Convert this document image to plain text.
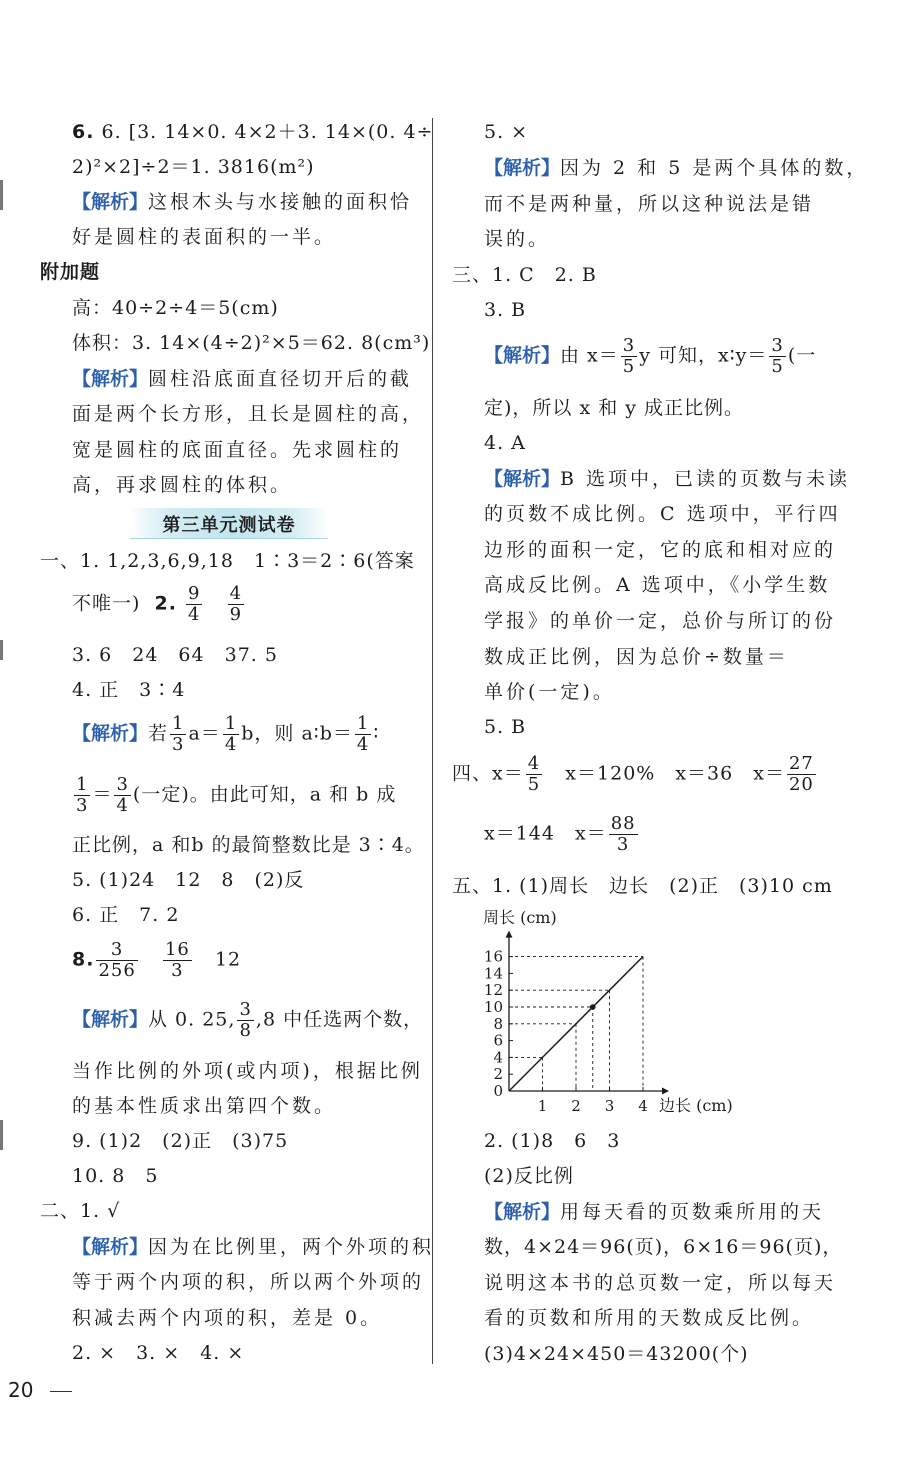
6. 6. [3. 14×0. 4×2＋3. 14×(0. 4÷
2)²×2]÷2＝1. 3816(m²)
【解析】这根木头与水接触的面积恰
好是圆柱的表面积的一半。
附加题
高：40÷2÷4＝5(cm)
体积：3. 14×(4÷2)²×5＝62. 8(cm³)
【解析】圆柱沿底面直径切开后的截
面是两个长方形，且长是圆柱的高，
宽是圆柱的底面直径。先求圆柱的
高，再求圆柱的体积。
第三单元测试卷
一、1. 1,2,3,6,9,18　1∶3＝2∶6(答案
不唯一) 2. $\frac{9}{4}$
$\frac{4}{9}$
3. 6　24　64　37. 5
4. 正　3∶4
【解析】若 $\frac{1}{3} a= \frac{1}{4}$ b，则 a∶b＝ $\frac{1}{4}$ ∶
$\frac{1}{3} = \frac{3}{4}$ (一定)。由此可知，a 和 b 成
正比例，a 和b 的最简整数比是 3∶4。
5. (1)24　12　8　(2)反
6. 正　7. 2
8. $\frac{3}{256}$
$\frac{16}{3} 12$
【解析】从 0. 25, $\frac{3}{8} ,8$ 中任选两个数，
当作比例的外项(或内项)，根据比例
的基本性质求出第四个数。
9. (1)2　(2)正　(3)75
10. 8　5
二、1. √
【解析】因为在比例里，两个外项的积
等于两个内项的积，所以两个外项的
积减去两个内项的积，差是 0。
2. ×　3. ×　4. ×
20
5. ×
【解析】因为 2 和 5 是两个具体的数，
而不是两种量，所以这种说法是错
误的。
三、1. C　2. B
3. B
【解析】由 $x= \frac{3}{5}$ y 可知，x∶y＝ $\frac{3}{5}$ (一
定)，所以 x 和 y 成正比例。
4. A
【解析】B 选项中，已读的页数与未读
的页数不成比例。C 选项中，平行四
边形的面积一定，它的底和相对应的
高成反比例。A 选项中，《小学生数
学报》的单价一定，总价与所订的份
数成正比例，因为总价÷数量＝
单价(一定)。
5. B
四、$x= \frac{4}{5} x=120\%$　x＝36　$x= \frac{27}{20}$
x＝144　$x= \frac{88}{3}$
五、1. (1)周长　边长　(2)正　(3)10 cm
周长 (cm)
边长 (cm)
0
2
4
6
8
10
12
14
16
1 2 3 4
2. (1)8　6　3
(2)反比例
【解析】用每天看的页数乘所用的天
数，4×24＝96(页)，6×16＝96(页)，
说明这本书的总页数一定，所以每天
看的页数和所用的天数成反比例。
(3)4×24×450＝43200(个)
